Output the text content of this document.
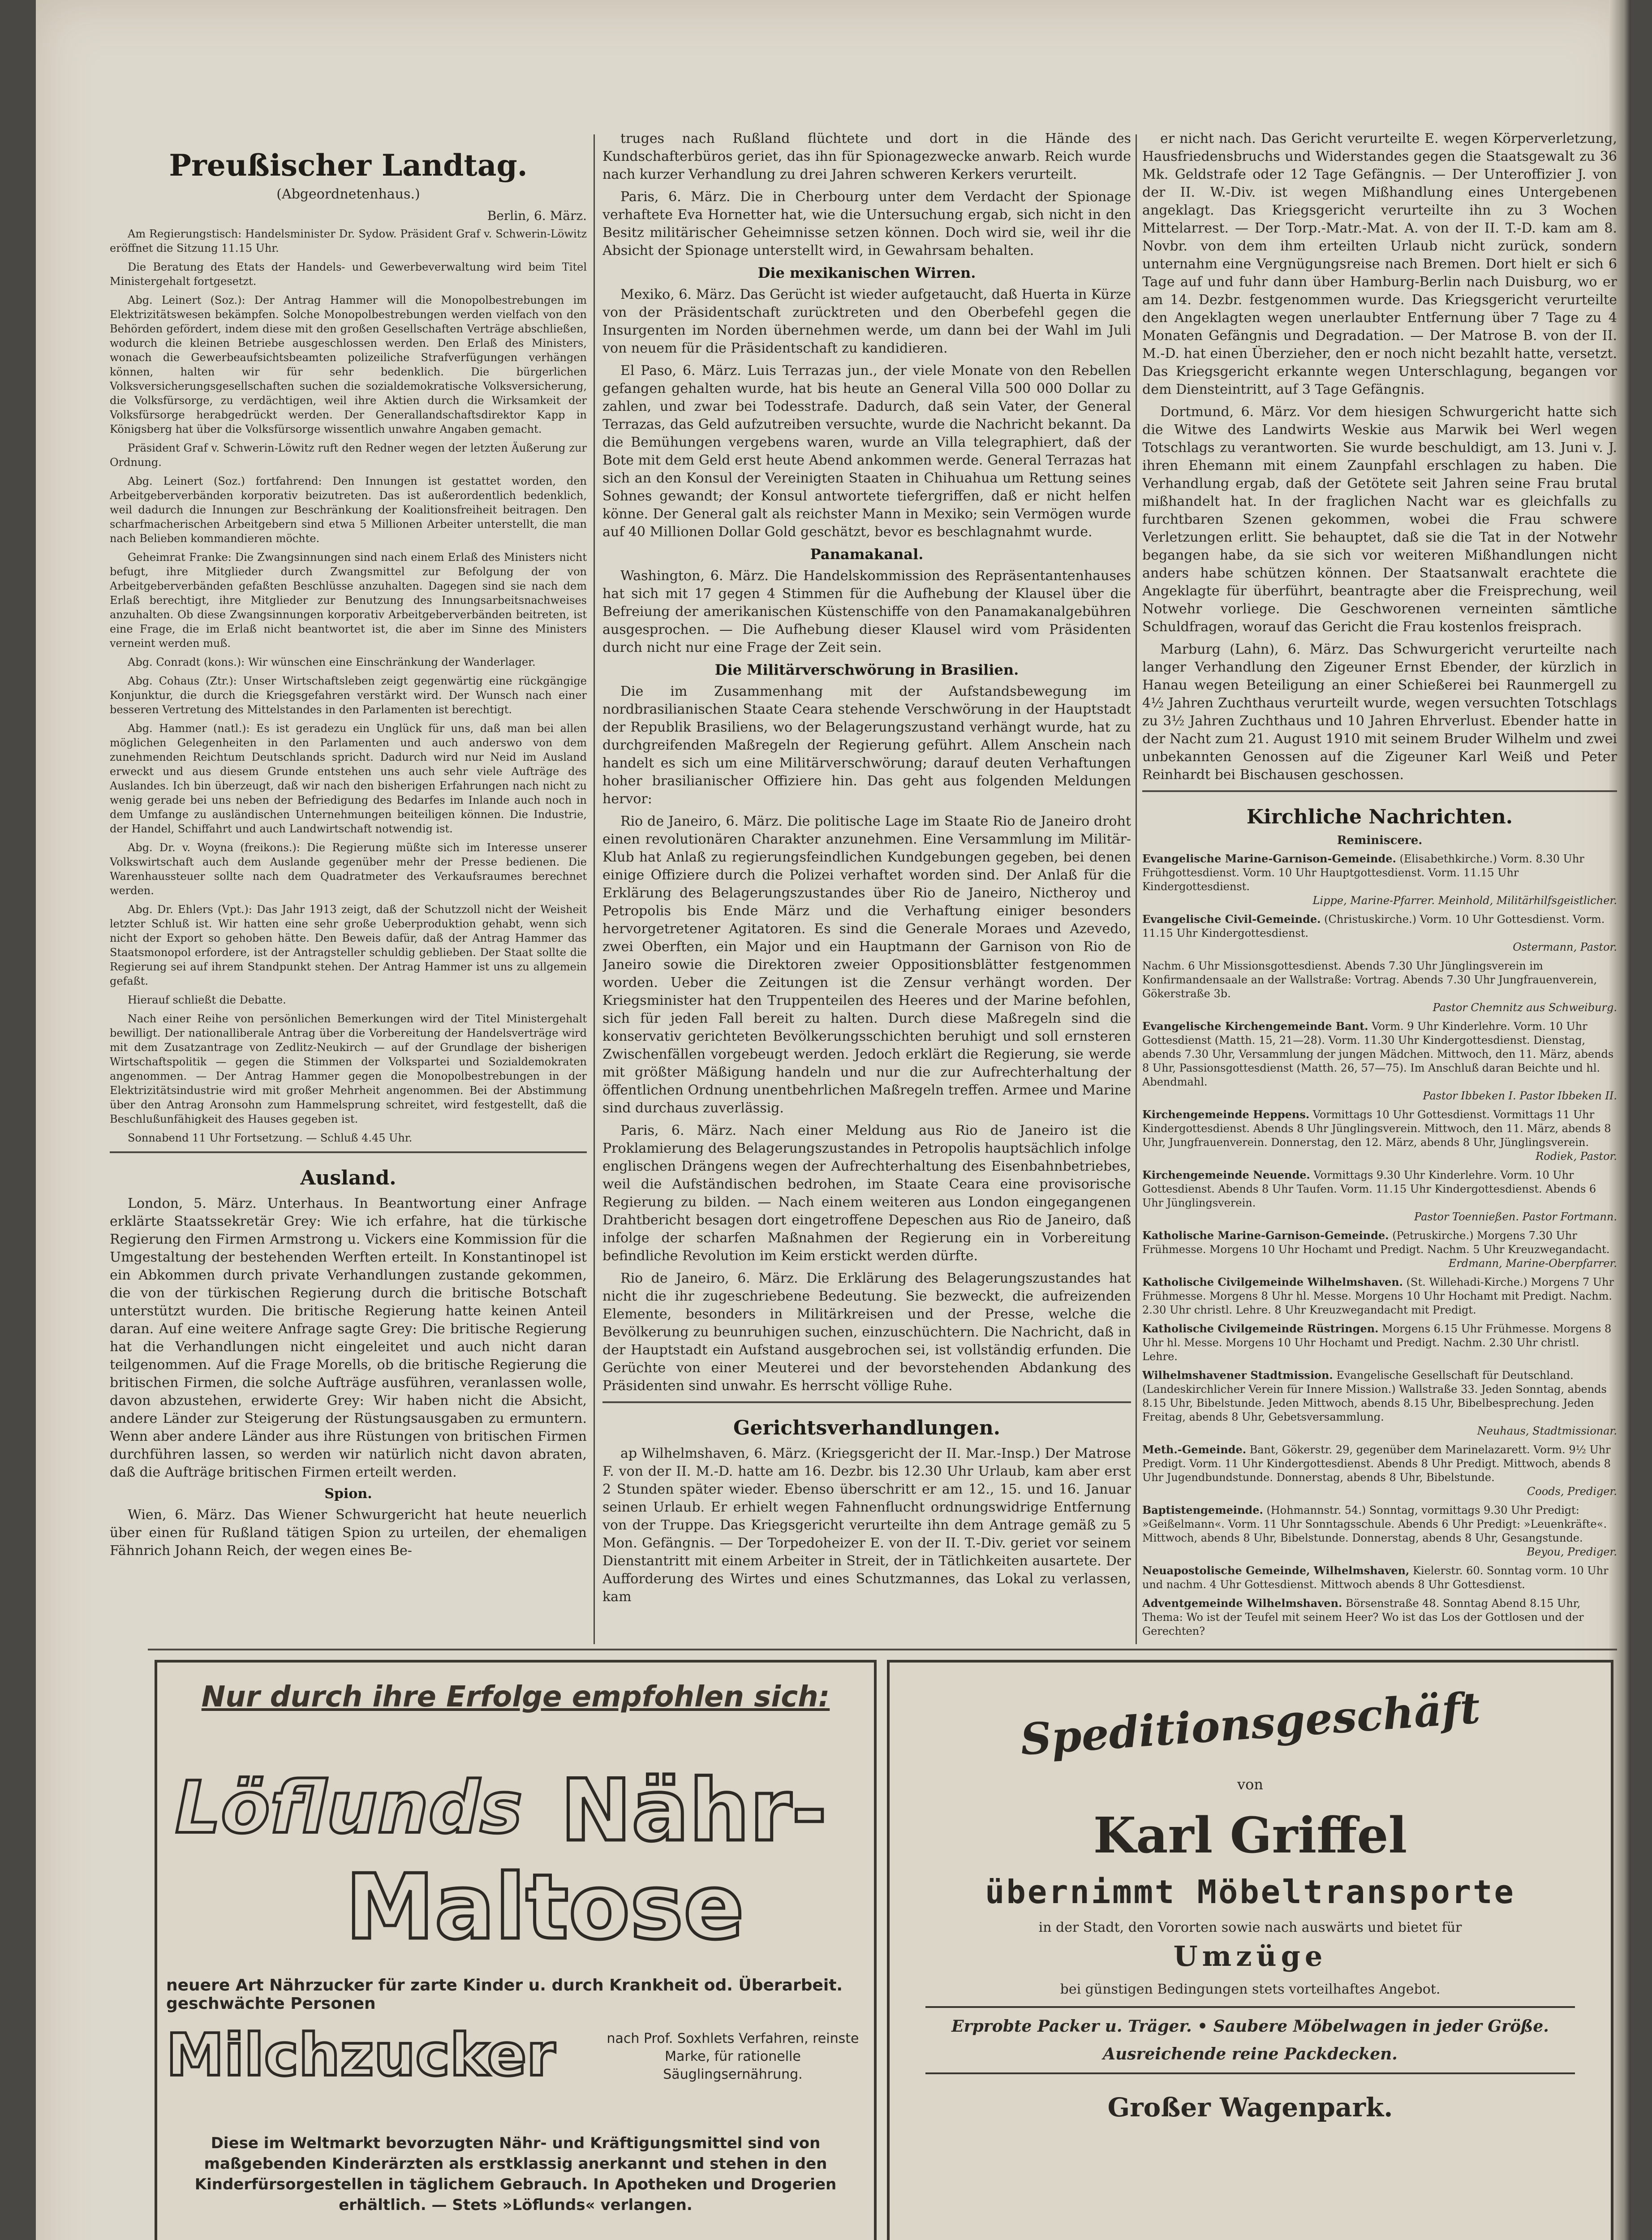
Preußischer Landtag.
(Abgeordnetenhaus.)
Berlin, 6. März.

Am Regierungstisch: Handelsminister Dr. Sydow. Präsident Graf v. Schwerin-Löwitz eröffnet die Sitzung 11.15 Uhr.

Die Beratung des Etats der Handels- und Gewerbeverwaltung wird beim Titel Ministergehalt fortgesetzt.

Abg. Leinert (Soz.): Der Antrag Hammer will die Monopolbestrebungen im Elektrizitätswesen bekämpfen. Solche Monopolbestrebungen werden vielfach von den Behörden gefördert, indem diese mit den großen Gesellschaften Verträge abschließen, wodurch die kleinen Betriebe ausgeschlossen werden. Den Erlaß des Ministers, wonach die Gewerbeaufsichtsbeamten polizeiliche Strafverfügungen verhängen können, halten wir für sehr bedenklich. Die bürgerlichen Volksversicherungsgesellschaften suchen die sozialdemokratische Volksversicherung, die Volksfürsorge, zu verdächtigen, weil ihre Aktien durch die Wirksamkeit der Volksfürsorge herabgedrückt werden. Der Generallandschaftsdirektor Kapp in Königsberg hat über die Volksfürsorge wissentlich unwahre Angaben gemacht.

Präsident Graf v. Schwerin-Löwitz ruft den Redner wegen der letzten Äußerung zur Ordnung.

Abg. Leinert (Soz.) fortfahrend: Den Innungen ist gestattet worden, den Arbeitgeberverbänden korporativ beizutreten. Das ist außerordentlich bedenklich, weil dadurch die Innungen zur Beschränkung der Koalitionsfreiheit beitragen. Den scharfmacherischen Arbeitgebern sind etwa 5 Millionen Arbeiter unterstellt, die man nach Belieben kommandieren möchte.

Geheimrat Franke: Die Zwangsinnungen sind nach einem Erlaß des Ministers nicht befugt, ihre Mitglieder durch Zwangsmittel zur Befolgung der von Arbeitgeberverbänden gefaßten Beschlüsse anzuhalten. Dagegen sind sie nach dem Erlaß berechtigt, ihre Mitglieder zur Benutzung des Innungsarbeitsnachweises anzuhalten. Ob diese Zwangsinnungen korporativ Arbeitgeberverbänden beitreten, ist eine Frage, die im Erlaß nicht beantwortet ist, die aber im Sinne des Ministers verneint werden muß.

Abg. Conradt (kons.): Wir wünschen eine Einschränkung der Wanderlager.

Abg. Cohaus (Ztr.): Unser Wirtschaftsleben zeigt gegenwärtig eine rückgängige Konjunktur, die durch die Kriegsgefahren verstärkt wird. Der Wunsch nach einer besseren Vertretung des Mittelstandes in den Parlamenten ist berechtigt.

Abg. Hammer (natl.): Es ist geradezu ein Unglück für uns, daß man bei allen möglichen Gelegenheiten in den Parlamenten und auch anderswo von dem zunehmenden Reichtum Deutschlands spricht. Dadurch wird nur Neid im Ausland erweckt und aus diesem Grunde entstehen uns auch sehr viele Aufträge des Auslandes. Ich bin überzeugt, daß wir nach den bisherigen Erfahrungen nach nicht zu wenig gerade bei uns neben der Befriedigung des Bedarfes im Inlande auch noch in dem Umfange zu ausländischen Unternehmungen beiteiligen können. Die Industrie, der Handel, Schiffahrt und auch Landwirtschaft notwendig ist.

Abg. Dr. v. Woyna (freikons.): Die Regierung müßte sich im Interesse unserer Volkswirtschaft auch dem Auslande gegenüber mehr der Presse bedienen. Die Warenhaussteuer sollte nach dem Quadratmeter des Verkaufsraumes berechnet werden.

Abg. Dr. Ehlers (Vpt.): Das Jahr 1913 zeigt, daß der Schutzzoll nicht der Weisheit letzter Schluß ist. Wir hatten eine sehr große Ueberproduktion gehabt, wenn sich nicht der Export so gehoben hätte. Den Beweis dafür, daß der Antrag Hammer das Staatsmonopol erfordere, ist der Antragsteller schuldig geblieben. Der Staat sollte die Regierung sei auf ihrem Standpunkt stehen. Der Antrag Hammer ist uns zu allgemein gefaßt.

Hierauf schließt die Debatte.

Nach einer Reihe von persönlichen Bemerkungen wird der Titel Ministergehalt bewilligt. Der nationalliberale Antrag über die Vorbereitung der Handelsverträge wird mit dem Zusatzantrage von Zedlitz-Neukirch — auf der Grundlage der bisherigen Wirtschaftspolitik — gegen die Stimmen der Volkspartei und Sozialdemokraten angenommen. — Der Antrag Hammer gegen die Monopolbestrebungen in der Elektrizitätsindustrie wird mit großer Mehrheit angenommen. Bei der Abstimmung über den Antrag Aronsohn zum Hammelsprung schreitet, wird festgestellt, daß die Beschlußunfähigkeit des Hauses gegeben ist.

Sonnabend 11 Uhr Fortsetzung. — Schluß 4.45 Uhr.

Ausland.

London, 5. März. Unterhaus. In Beantwortung einer Anfrage erklärte Staatssekretär Grey: Wie ich erfahre, hat die türkische Regierung den Firmen Armstrong u. Vickers eine Kommission für die Umgestaltung der bestehenden Werften erteilt. In Konstantinopel ist ein Abkommen durch private Verhandlungen zustande gekommen, die von der türkischen Regierung durch die britische Botschaft unterstützt wurden. Die britische Regierung hatte keinen Anteil daran. Auf eine weitere Anfrage sagte Grey: Die britische Regierung hat die Verhandlungen nicht eingeleitet und auch nicht daran teilgenommen. Auf die Frage Morells, ob die britische Regierung die britischen Firmen, die solche Aufträge ausführen, veranlassen wolle, davon abzustehen, erwiderte Grey: Wir haben nicht die Absicht, andere Länder zur Steigerung der Rüstungsausgaben zu ermuntern. Wenn aber andere Länder aus ihre Rüstungen von britischen Firmen durchführen lassen, so werden wir natürlich nicht davon abraten, daß die Aufträge britischen Firmen erteilt werden.

Spion.

Wien, 6. März. Das Wiener Schwurgericht hat heute neuerlich über einen für Rußland tätigen Spion zu urteilen, der ehemaligen Fähnrich Johann Reich, der wegen eines Be-

truges nach Rußland flüchtete und dort in die Hände des Kundschafterbüros geriet, das ihn für Spionagezwecke anwarb. Reich wurde nach kurzer Verhandlung zu drei Jahren schweren Kerkers verurteilt.

Paris, 6. März. Die in Cherbourg unter dem Verdacht der Spionage verhaftete Eva Hornetter hat, wie die Untersuchung ergab, sich nicht in den Besitz militärischer Geheimnisse setzen können. Doch wird sie, weil ihr die Absicht der Spionage unterstellt wird, in Gewahrsam behalten.

Die mexikanischen Wirren.

Mexiko, 6. März. Das Gerücht ist wieder aufgetaucht, daß Huerta in Kürze von der Präsidentschaft zurücktreten und den Oberbefehl gegen die Insurgenten im Norden übernehmen werde, um dann bei der Wahl im Juli von neuem für die Präsidentschaft zu kandidieren.

El Paso, 6. März. Luis Terrazas jun., der viele Monate von den Rebellen gefangen gehalten wurde, hat bis heute an General Villa 500 000 Dollar zu zahlen, und zwar bei Todesstrafe. Dadurch, daß sein Vater, der General Terrazas, das Geld aufzutreiben versuchte, wurde die Nachricht bekannt. Da die Bemühungen vergebens waren, wurde an Villa telegraphiert, daß der Bote mit dem Geld erst heute Abend ankommen werde. General Terrazas hat sich an den Konsul der Vereinigten Staaten in Chihuahua um Rettung seines Sohnes gewandt; der Konsul antwortete tiefergriffen, daß er nicht helfen könne. Der General galt als reichster Mann in Mexiko; sein Vermögen wurde auf 40 Millionen Dollar Gold geschätzt, bevor es beschlagnahmt wurde.

Panamakanal.

Washington, 6. März. Die Handelskommission des Repräsentantenhauses hat sich mit 17 gegen 4 Stimmen für die Aufhebung der Klausel über die Befreiung der amerikanischen Küstenschiffe von den Panamakanalgebühren ausgesprochen. — Die Aufhebung dieser Klausel wird vom Präsidenten durch nicht nur eine Frage der Zeit sein.

Die Militärverschwörung in Brasilien.

Die im Zusammenhang mit der Aufstandsbewegung im nordbrasilianischen Staate Ceara stehende Verschwörung in der Hauptstadt der Republik Brasiliens, wo der Belagerungszustand verhängt wurde, hat zu durchgreifenden Maßregeln der Regierung geführt. Allem Anschein nach handelt es sich um eine Militärverschwörung; darauf deuten Verhaftungen hoher brasilianischer Offiziere hin. Das geht aus folgenden Meldungen hervor:

Rio de Janeiro, 6. März. Die politische Lage im Staate Rio de Janeiro droht einen revolutionären Charakter anzunehmen. Eine Versammlung im Militär-Klub hat Anlaß zu regierungsfeindlichen Kundgebungen gegeben, bei denen einige Offiziere durch die Polizei verhaftet worden sind. Der Anlaß für die Erklärung des Belagerungszustandes über Rio de Janeiro, Nictheroy und Petropolis bis Ende März und die Verhaftung einiger besonders hervorgetretener Agitatoren. Es sind die Generale Moraes und Azevedo, zwei Oberften, ein Major und ein Hauptmann der Garnison von Rio de Janeiro sowie die Direktoren zweier Oppositionsblätter festgenommen worden. Ueber die Zeitungen ist die Zensur verhängt worden. Der Kriegsminister hat den Truppenteilen des Heeres und der Marine befohlen, sich für jeden Fall bereit zu halten. Durch diese Maßregeln sind die konservativ gerichteten Bevölkerungsschichten beruhigt und soll ernsteren Zwischenfällen vorgebeugt werden. Jedoch erklärt die Regierung, sie werde mit größter Mäßigung handeln und nur die zur Aufrechterhaltung der öffentlichen Ordnung unentbehrlichen Maßregeln treffen. Armee und Marine sind durchaus zuverlässig.

Paris, 6. März. Nach einer Meldung aus Rio de Janeiro ist die Proklamierung des Belagerungszustandes in Petropolis hauptsächlich infolge englischen Drängens wegen der Aufrechterhaltung des Eisenbahnbetriebes, weil die Aufständischen bedrohen, im Staate Ceara eine provisorische Regierung zu bilden. — Nach einem weiteren aus London eingegangenen Drahtbericht besagen dort eingetroffene Depeschen aus Rio de Janeiro, daß infolge der scharfen Maßnahmen der Regierung ein in Vorbereitung befindliche Revolution im Keim erstickt werden dürfte.

Rio de Janeiro, 6. März. Die Erklärung des Belagerungszustandes hat nicht die ihr zugeschriebene Bedeutung. Sie bezweckt, die aufreizenden Elemente, besonders in Militärkreisen und der Presse, welche die Bevölkerung zu beunruhigen suchen, einzuschüchtern. Die Nachricht, daß in der Hauptstadt ein Aufstand ausgebrochen sei, ist vollständig erfunden. Die Gerüchte von einer Meuterei und der bevorstehenden Abdankung des Präsidenten sind unwahr. Es herrscht völlige Ruhe.

Gerichtsverhandlungen.

ap Wilhelmshaven, 6. März. (Kriegsgericht der II. Mar.-Insp.) Der Matrose F. von der II. M.-D. hatte am 16. Dezbr. bis 12.30 Uhr Urlaub, kam aber erst 2 Stunden später wieder. Ebenso überschritt er am 12., 15. und 16. Januar seinen Urlaub. Er erhielt wegen Fahnenflucht ordnungswidrige Entfernung von der Truppe. Das Kriegsgericht verurteilte ihn dem Antrage gemäß zu 5 Mon. Gefängnis. — Der Torpedoheizer E. von der II. T.-Div. geriet vor seinem Dienstantritt mit einem Arbeiter in Streit, der in Tätlichkeiten ausartete. Der Aufforderung des Wirtes und eines Schutzmannes, das Lokal zu verlassen, kam

er nicht nach. Das Gericht verurteilte E. wegen Körperverletzung, Hausfriedensbruchs und Widerstandes gegen die Staatsgewalt zu 36 Mk. Geldstrafe oder 12 Tage Gefängnis. — Der Unteroffizier J. von der II. W.-Div. ist wegen Mißhandlung eines Untergebenen angeklagt. Das Kriegsgericht verurteilte ihn zu 3 Wochen Mittelarrest. — Der Torp.-Matr.-Mat. A. von der II. T.-D. kam am 8. Novbr. von dem ihm erteilten Urlaub nicht zurück, sondern unternahm eine Vergnügungsreise nach Bremen. Dort hielt er sich 6 Tage auf und fuhr dann über Hamburg-Berlin nach Duisburg, wo er am 14. Dezbr. festgenommen wurde. Das Kriegsgericht verurteilte den Angeklagten wegen unerlaubter Entfernung über 7 Tage zu 4 Monaten Gefängnis und Degradation. — Der Matrose B. von der II. M.-D. hat einen Überzieher, den er noch nicht bezahlt hatte, versetzt. Das Kriegsgericht erkannte wegen Unterschlagung, begangen vor dem Diensteintritt, auf 3 Tage Gefängnis.

Dortmund, 6. März. Vor dem hiesigen Schwurgericht hatte sich die Witwe des Landwirts Weskie aus Marwik bei Werl wegen Totschlags zu verantworten. Sie wurde beschuldigt, am 13. Juni v. J. ihren Ehemann mit einem Zaunpfahl erschlagen zu haben. Die Verhandlung ergab, daß der Getötete seit Jahren seine Frau brutal mißhandelt hat. In der fraglichen Nacht war es gleichfalls zu furchtbaren Szenen gekommen, wobei die Frau schwere Verletzungen erlitt. Sie behauptet, daß sie die Tat in der Notwehr begangen habe, da sie sich vor weiteren Mißhandlungen nicht anders habe schützen können. Der Staatsanwalt erachtete die Angeklagte für überführt, beantragte aber die Freisprechung, weil Notwehr vorliege. Die Geschworenen verneinten sämtliche Schuldfragen, worauf das Gericht die Frau kostenlos freisprach.

Marburg (Lahn), 6. März. Das Schwurgericht verurteilte nach langer Verhandlung den Zigeuner Ernst Ebender, der kürzlich in Hanau wegen Beteiligung an einer Schießerei bei Raunmergell zu 4½ Jahren Zuchthaus verurteilt wurde, wegen versuchten Totschlags zu 3½ Jahren Zuchthaus und 10 Jahren Ehrverlust. Ebender hatte in der Nacht zum 21. August 1910 mit seinem Bruder Wilhelm und zwei unbekannten Genossen auf die Zigeuner Karl Weiß und Peter Reinhardt bei Bischausen geschossen.

Kirchliche Nachrichten.
Reminiscere.
Evangelische Marine-Garnison-Gemeinde. (Elisabethkirche.) Vorm. 8.30 Uhr Frühgottesdienst. Vorm. 10 Uhr Hauptgottesdienst. Vorm. 11.15 Uhr Kindergottesdienst.
Lippe, Marine-Pfarrer. Meinhold, Militärhilfsgeistlicher.
Evangelische Civil-Gemeinde. (Christuskirche.) Vorm. 10 Uhr Gottesdienst. Vorm. 11.15 Uhr Kindergottesdienst.
Ostermann, Pastor.
Nachm. 6 Uhr Missionsgottesdienst. Abends 7.30 Uhr Jünglingsverein im Konfirmandensaale an der Wallstraße: Vortrag. Abends 7.30 Uhr Jungfrauenverein, Gökerstraße 3b.
Pastor Chemnitz aus Schweiburg.
Evangelische Kirchengemeinde Bant. Vorm. 9 Uhr Kinderlehre. Vorm. 10 Uhr Gottesdienst (Matth. 15, 21—28). Vorm. 11.30 Uhr Kindergottesdienst. Dienstag, abends 7.30 Uhr, Versammlung der jungen Mädchen. Mittwoch, den 11. März, abends 8 Uhr, Passionsgottesdienst (Matth. 26, 57—75). Im Anschluß daran Beichte und hl. Abendmahl.
Pastor Ibbeken I. Pastor Ibbeken II.
Kirchengemeinde Heppens. Vormittags 10 Uhr Gottesdienst. Vormittags 11 Uhr Kindergottesdienst. Abends 8 Uhr Jünglingsverein. Mittwoch, den 11. März, abends 8 Uhr, Jungfrauenverein. Donnerstag, den 12. März, abends 8 Uhr, Jünglingsverein.
Rodiek, Pastor.
Kirchengemeinde Neuende. Vormittags 9.30 Uhr Kinderlehre. Vorm. 10 Uhr Gottesdienst. Abends 8 Uhr Taufen. Vorm. 11.15 Uhr Kindergottesdienst. Abends 6 Uhr Jünglingsverein.
Pastor Toennießen. Pastor Fortmann.
Katholische Marine-Garnison-Gemeinde. (Petruskirche.) Morgens 7.30 Uhr Frühmesse. Morgens 10 Uhr Hochamt und Predigt. Nachm. 5 Uhr Kreuzwegandacht.
Erdmann, Marine-Oberpfarrer.
Katholische Civilgemeinde Wilhelmshaven. (St. Willehadi-Kirche.) Morgens 7 Uhr Frühmesse. Morgens 8 Uhr hl. Messe. Morgens 10 Uhr Hochamt mit Predigt. Nachm. 2.30 Uhr christl. Lehre. 8 Uhr Kreuzwegandacht mit Predigt.
Katholische Civilgemeinde Rüstringen. Morgens 6.15 Uhr Frühmesse. Morgens 8 Uhr hl. Messe. Morgens 10 Uhr Hochamt und Predigt. Nachm. 2.30 Uhr christl. Lehre.
Wilhelmshavener Stadtmission. Evangelische Gesellschaft für Deutschland. (Landeskirchlicher Verein für Innere Mission.) Wallstraße 33. Jeden Sonntag, abends 8.15 Uhr, Bibelstunde. Jeden Mittwoch, abends 8.15 Uhr, Bibelbesprechung. Jeden Freitag, abends 8 Uhr, Gebetsversammlung.
Neuhaus, Stadtmissionar.
Meth.-Gemeinde. Bant, Gökerstr. 29, gegenüber dem Marinelazarett. Vorm. 9½ Uhr Predigt. Vorm. 11 Uhr Kindergottesdienst. Abends 8 Uhr Predigt. Mittwoch, abends 8 Uhr Jugendbundstunde. Donnerstag, abends 8 Uhr, Bibelstunde.
Coods, Prediger.
Baptistengemeinde. (Hohmannstr. 54.) Sonntag, vormittags 9.30 Uhr Predigt: »Geißelmann«. Vorm. 11 Uhr Sonntagsschule. Abends 6 Uhr Predigt: »Leuenkräfte«. Mittwoch, abends 8 Uhr, Bibelstunde. Donnerstag, abends 8 Uhr, Gesangstunde.
Beyou, Prediger.
Neuapostolische Gemeinde, Wilhelmshaven, Kielerstr. 60. Sonntag vorm. 10 Uhr und nachm. 4 Uhr Gottesdienst. Mittwoch abends 8 Uhr Gottesdienst.
Adventgemeinde Wilhelmshaven. Börsenstraße 48. Sonntag Abend 8.15 Uhr, Thema: Wo ist der Teufel mit seinem Heer? Wo ist das Los der Gottlosen und der Gerechten?
Nur durch ihre Erfolge empfohlen sich:
Löflunds Nähr-
Maltose
neuere Art Nährzucker für zarte Kinder u. durch Krankheit od. Überarbeit. geschwächte Personen
Milchzucker	nach Prof. Soxhlets Verfahren, reinste Marke, für rationelle Säuglingsernährung.
Diese im Weltmarkt bevorzugten Nähr- und Kräftigungsmittel sind von maßgebenden Kinderärzten als erstklassig anerkannt und stehen in den Kinderfürsorgestellen in täglichem Gebrauch. In Apotheken und Drogerien erhältlich. — Stets »Löflunds« verlangen.
Speditionsgeschäft
von
Karl Griffel
übernimmt Möbeltransporte
in der Stadt, den Vororten sowie nach auswärts und bietet für
Umzüge
bei günstigen Bedingungen stets vorteilhaftes Angebot.
Erprobte Packer u. Träger. • Saubere Möbelwagen in jeder Größe.
Ausreichende reine Packdecken.
Großer Wagenpark.
